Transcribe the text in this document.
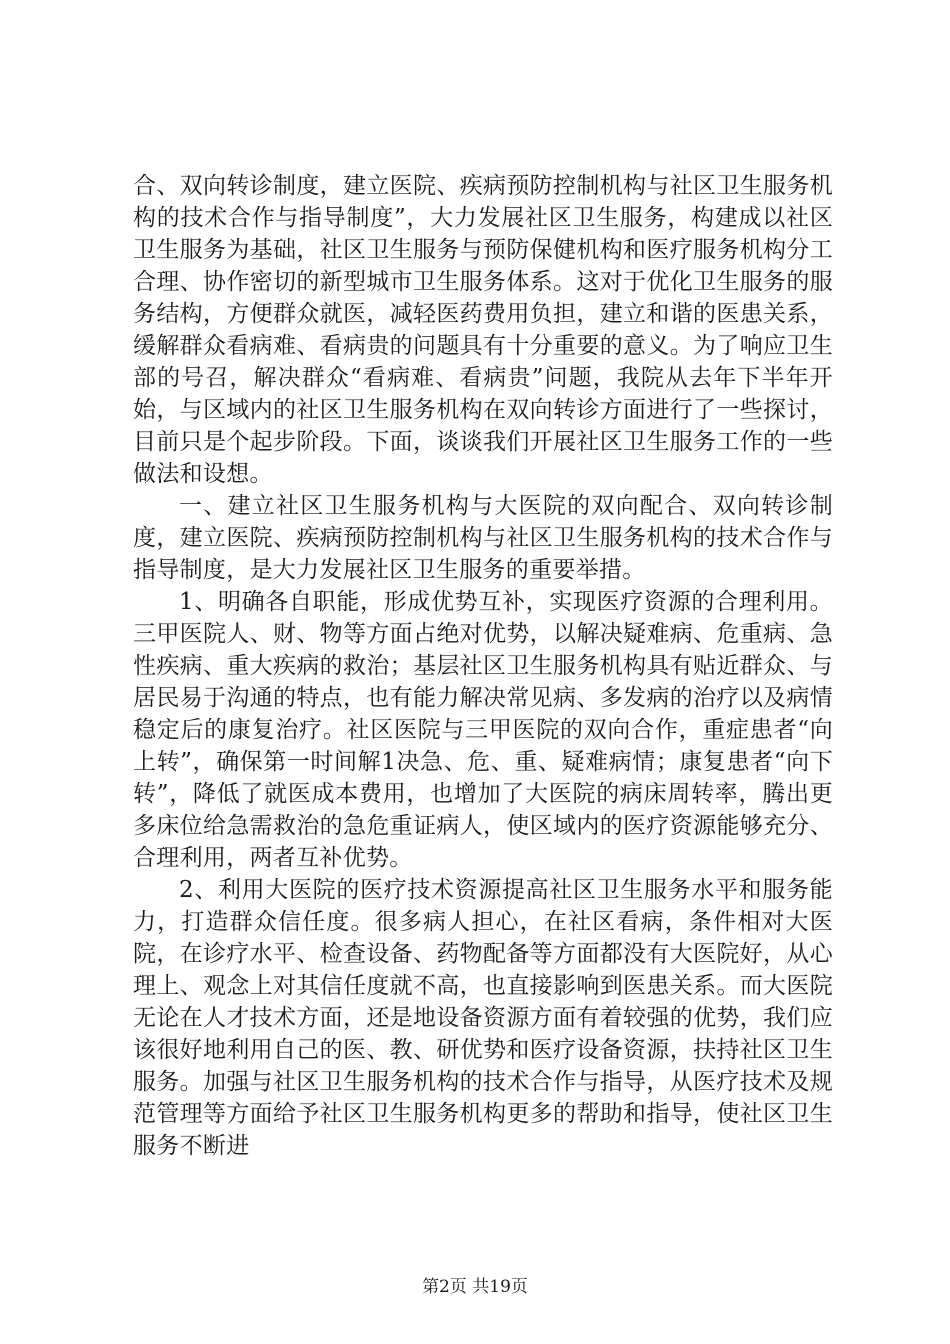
合、双向转诊制度，建立医院、疾病预防控制机构与社区卫生服务机构的技术合作与指导制度”，大力发展社区卫生服务，构建成以社区卫生服务为基础，社区卫生服务与预防保健机构和医疗服务机构分工合理、协作密切的新型城市卫生服务体系。这对于优化卫生服务的服务结构，方便群众就医，减轻医药费用负担，建立和谐的医患关系，缓解群众看病难、看病贵的问题具有十分重要的意义。为了响应卫生部的号召，解决群众“看病难、看病贵”问题，我院从去年下半年开始，与区域内的社区卫生服务机构在双向转诊方面进行了一些探讨，目前只是个起步阶段。下面，谈谈我们开展社区卫生服务工作的一些做法和设想。

一、建立社区卫生服务机构与大医院的双向配合、双向转诊制度，建立医院、疾病预防控制机构与社区卫生服务机构的技术合作与指导制度，是大力发展社区卫生服务的重要举措。

1、明确各自职能，形成优势互补，实现医疗资源的合理利用。三甲医院人、财、物等方面占绝对优势，以解决疑难病、危重病、急性疾病、重大疾病的救治；基层社区卫生服务机构具有贴近群众、与居民易于沟通的特点，也有能力解决常见病、多发病的治疗以及病情稳定后的康复治疗。社区医院与三甲医院的双向合作，重症患者“向上转”，确保第一时间解1决急、危、重、疑难病情；康复患者“向下转”，降低了就医成本费用，也增加了大医院的病床周转率，腾出更多床位给急需救治的急危重证病人，使区域内的医疗资源能够充分、合理利用，两者互补优势。

2、利用大医院的医疗技术资源提高社区卫生服务水平和服务能力，打造群众信任度。很多病人担心，在社区看病，条件相对大医院，在诊疗水平、检查设备、药物配备等方面都没有大医院好，从心理上、观念上对其信任度就不高，也直接影响到医患关系。而大医院无论在人才技术方面，还是地设备资源方面有着较强的优势，我们应该很好地利用自己的医、教、研优势和医疗设备资源，扶持社区卫生服务。加强与社区卫生服务机构的技术合作与指导，从医疗技术及规范管理等方面给予社区卫生服务机构更多的帮助和指导，使社区卫生服务不断进

第2页 共19页
